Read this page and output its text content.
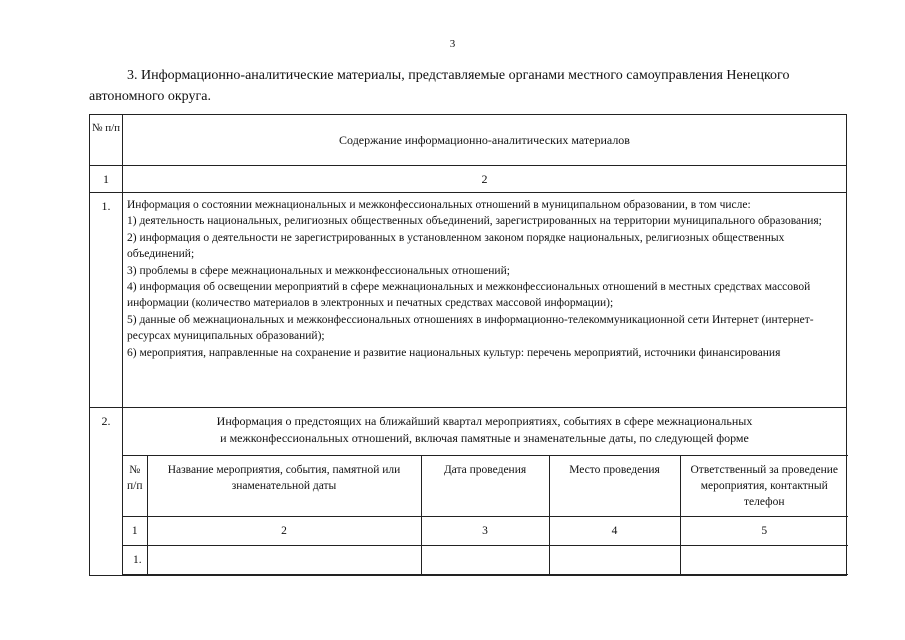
3
3. Информационно-аналитические материалы, представляемые органами местного самоуправления Ненецкого автономного округа.
№ п/п	Содержание информационно-аналитических материалов
1	2
1.	Информация о состоянии межнациональных и межконфессиональных отношений в муниципальном образовании, в том числе:
1) деятельность национальных, религиозных общественных объединений, зарегистрированных на территории муниципального образования;
2) информация о деятельности не зарегистрированных в установленном законом порядке национальных, религиозных общественных объединений;
3) проблемы в сфере межнациональных и межконфессиональных отношений;
4) информация об освещении мероприятий в сфере межнациональных и межконфессиональных отношений в местных средствах массовой информации (количество материалов в электронных и печатных средствах массовой информации);
5) данные об межнациональных и межконфессиональных отношениях в информационно-телекоммуникационной сети Интернет (интернет-ресурсах муниципальных образований);
6) мероприятия, направленные на сохранение и развитие национальных культур: перечень мероприятий, источники финансирования

2.	Информация о предстоящих на ближайший квартал мероприятиях, событиях в сфере межнациональных
и межконфессиональных отношений, включая памятные и знаменательные даты, по следующей форме
№ п/п	Название мероприятия, события, памятной или знаменательной даты	Дата проведения	Место проведения	Ответственный за проведение мероприятия, контактный телефон
1	2	3	4	5
1.				
